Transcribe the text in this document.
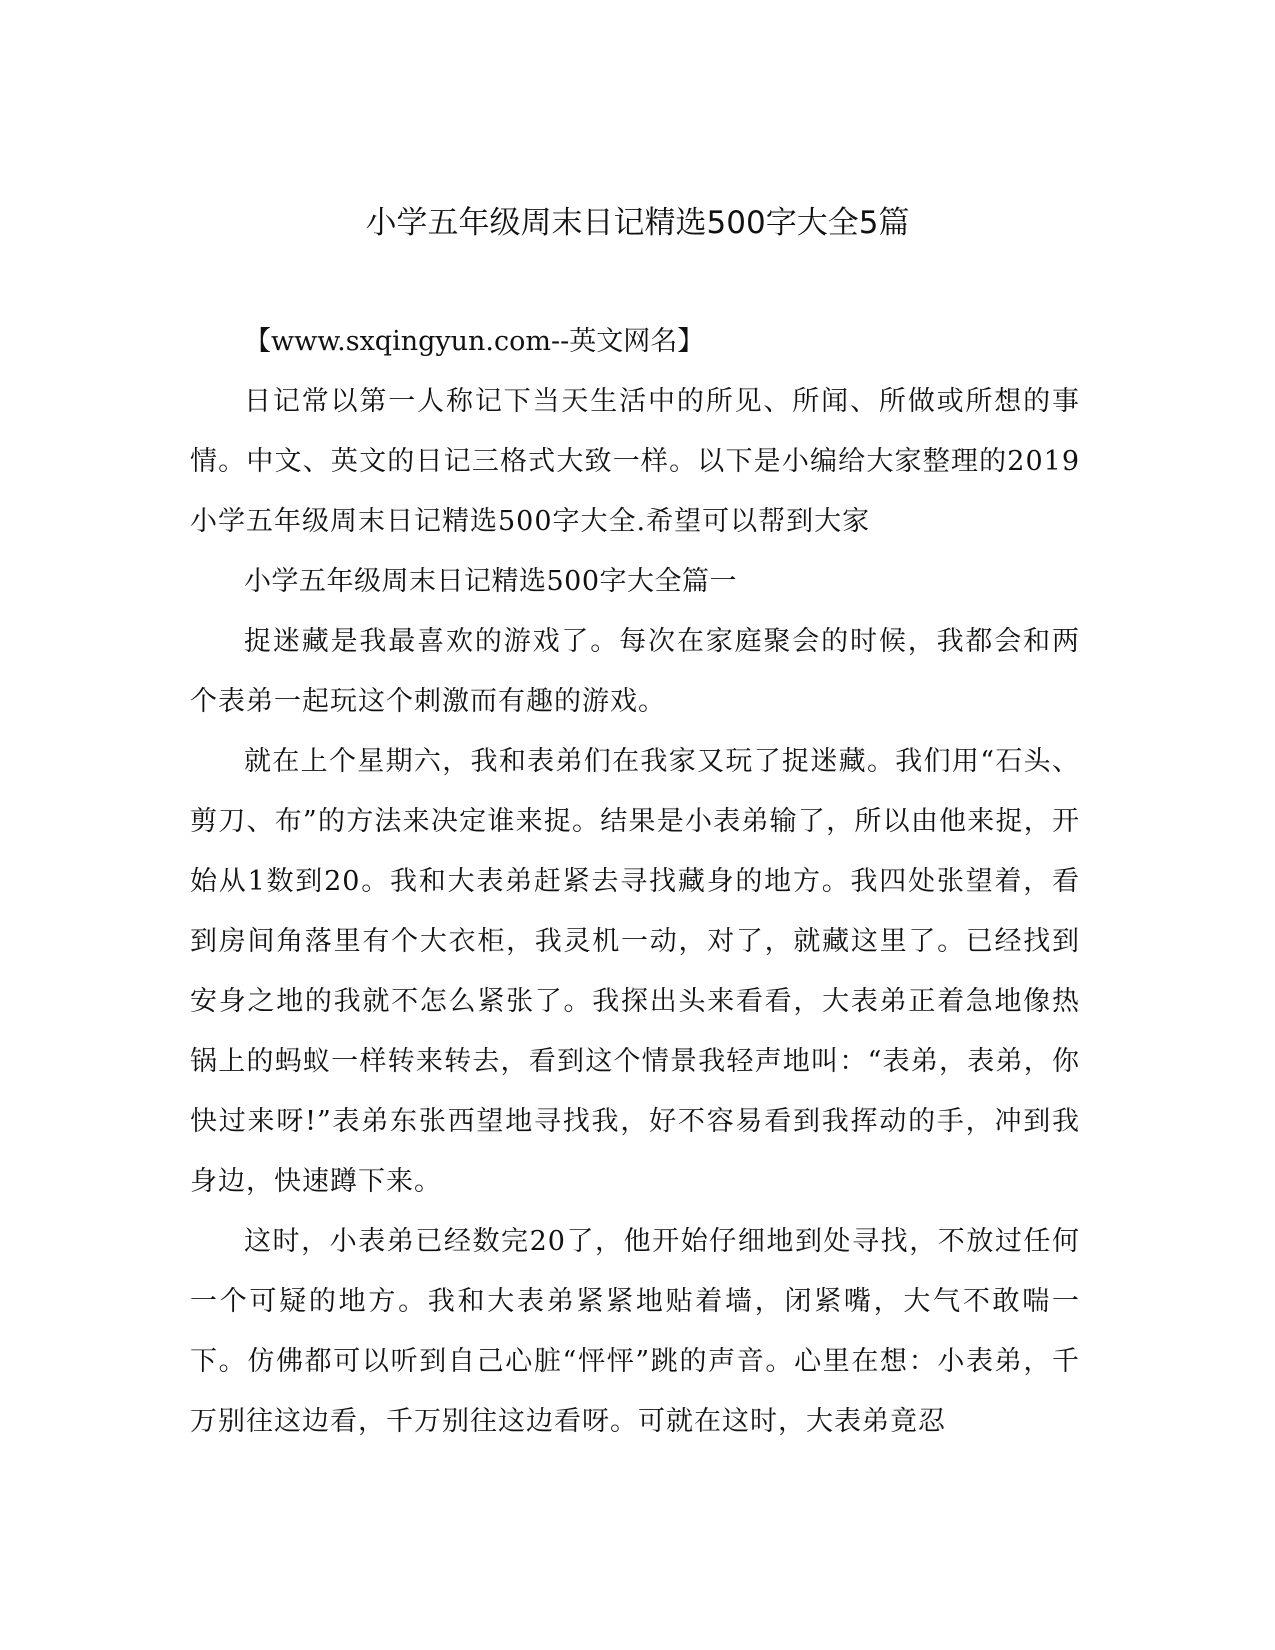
小学五年级周末日记精选500字大全5篇

【www.sxqingyun.com--英文网名】

日记常以第一人称记下当天生活中的所见、所闻、所做或所想的事情。中文、英文的日记三格式大致一样。以下是小编给大家整理的2019小学五年级周末日记精选500字大全.希望可以帮到大家

小学五年级周末日记精选500字大全篇一

捉迷藏是我最喜欢的游戏了。每次在家庭聚会的时候，我都会和两个表弟一起玩这个刺激而有趣的游戏。

就在上个星期六，我和表弟们在我家又玩了捉迷藏。我们用“石头、剪刀、布”的方法来决定谁来捉。结果是小表弟输了，所以由他来捉，开始从1数到20。我和大表弟赶紧去寻找藏身的地方。我四处张望着，看到房间角落里有个大衣柜，我灵机一动，对了，就藏这里了。已经找到安身之地的我就不怎么紧张了。我探出头来看看，大表弟正着急地像热锅上的蚂蚁一样转来转去，看到这个情景我轻声地叫：“表弟，表弟，你快过来呀!”表弟东张西望地寻找我，好不容易看到我挥动的手，冲到我身边，快速蹲下来。

这时，小表弟已经数完20了，他开始仔细地到处寻找，不放过任何一个可疑的地方。我和大表弟紧紧地贴着墙，闭紧嘴，大气不敢喘一下。仿佛都可以听到自己心脏“怦怦”跳的声音。心里在想：小表弟，千万别往这边看，千万别往这边看呀。可就在这时，大表弟竟忍
